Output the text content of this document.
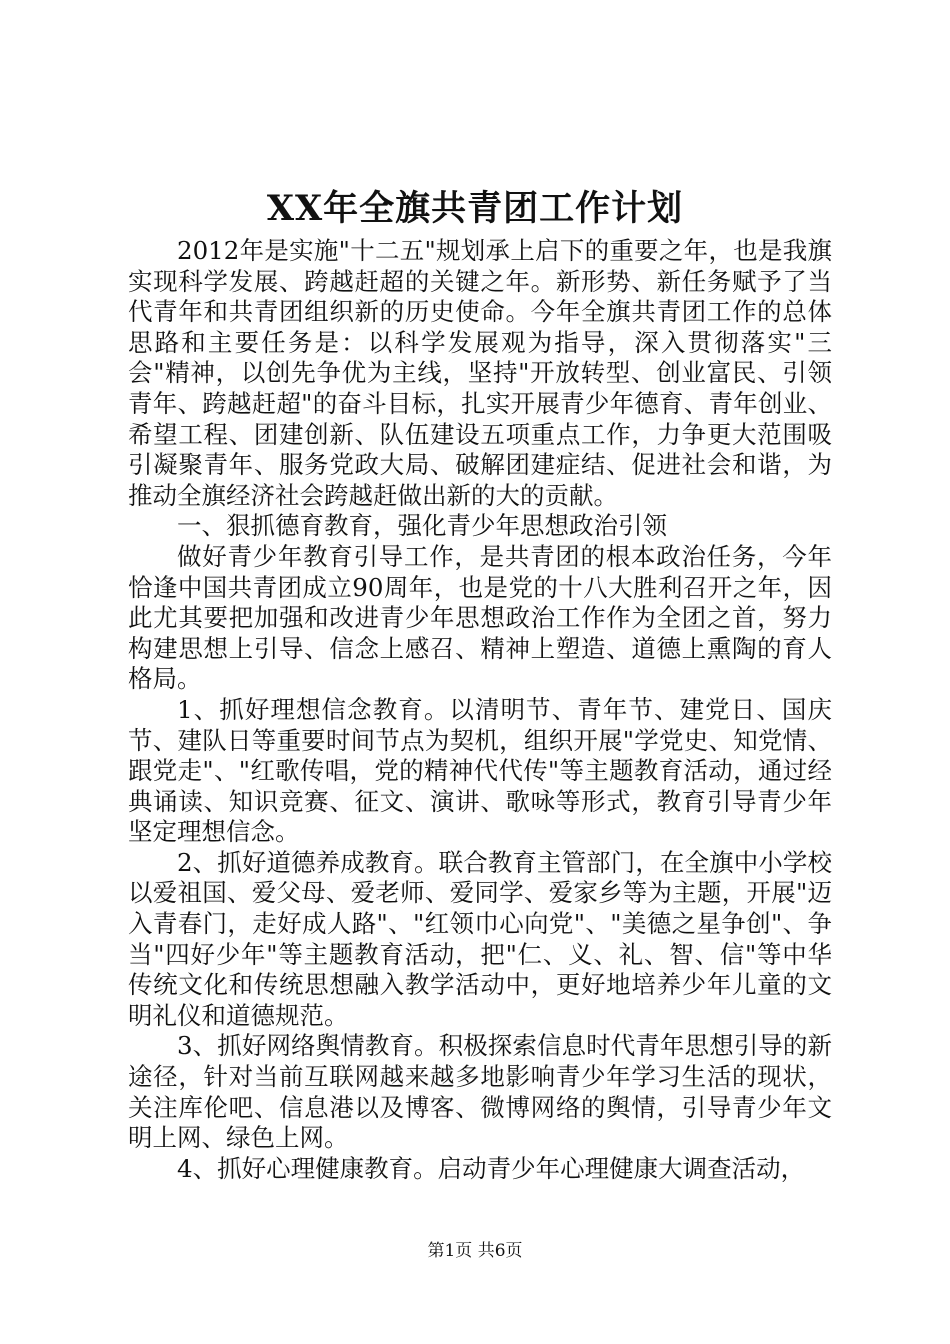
XX年全旗共青团工作计划

2012年是实施"十二五"规划承上启下的重要之年，也是我旗实现科学发展、跨越赶超的关键之年。新形势、新任务赋予了当代青年和共青团组织新的历史使命。今年全旗共青团工作的总体思路和主要任务是：以科学发展观为指导，深入贯彻落实"三会"精神，以创先争优为主线，坚持"开放转型、创业富民、引领青年、跨越赶超"的奋斗目标，扎实开展青少年德育、青年创业、希望工程、团建创新、队伍建设五项重点工作，力争更大范围吸引凝聚青年、服务党政大局、破解团建症结、促进社会和谐，为推动全旗经济社会跨越赶做出新的大的贡献。

一、狠抓德育教育，强化青少年思想政治引领

做好青少年教育引导工作，是共青团的根本政治任务，今年恰逢中国共青团成立90周年，也是党的十八大胜利召开之年，因此尤其要把加强和改进青少年思想政治工作作为全团之首，努力构建思想上引导、信念上感召、精神上塑造、道德上熏陶的育人格局。

1、抓好理想信念教育。以清明节、青年节、建党日、国庆节、建队日等重要时间节点为契机，组织开展"学党史、知党情、跟党走"、"红歌传唱，党的精神代代传"等主题教育活动，通过经典诵读、知识竞赛、征文、演讲、歌咏等形式，教育引导青少年坚定理想信念。

2、抓好道德养成教育。联合教育主管部门，在全旗中小学校以爱祖国、爱父母、爱老师、爱同学、爱家乡等为主题，开展"迈入青春门，走好成人路"、"红领巾心向党"、"美德之星争创"、争当"四好少年"等主题教育活动，把"仁、义、礼、智、信"等中华传统文化和传统思想融入教学活动中，更好地培养少年儿童的文明礼仪和道德规范。

3、抓好网络舆情教育。积极探索信息时代青年思想引导的新途径，针对当前互联网越来越多地影响青少年学习生活的现状，关注库伦吧、信息港以及博客、微博网络的舆情，引导青少年文明上网、绿色上网。

4、抓好心理健康教育。启动青少年心理健康大调查活动，

第1页 共6页
